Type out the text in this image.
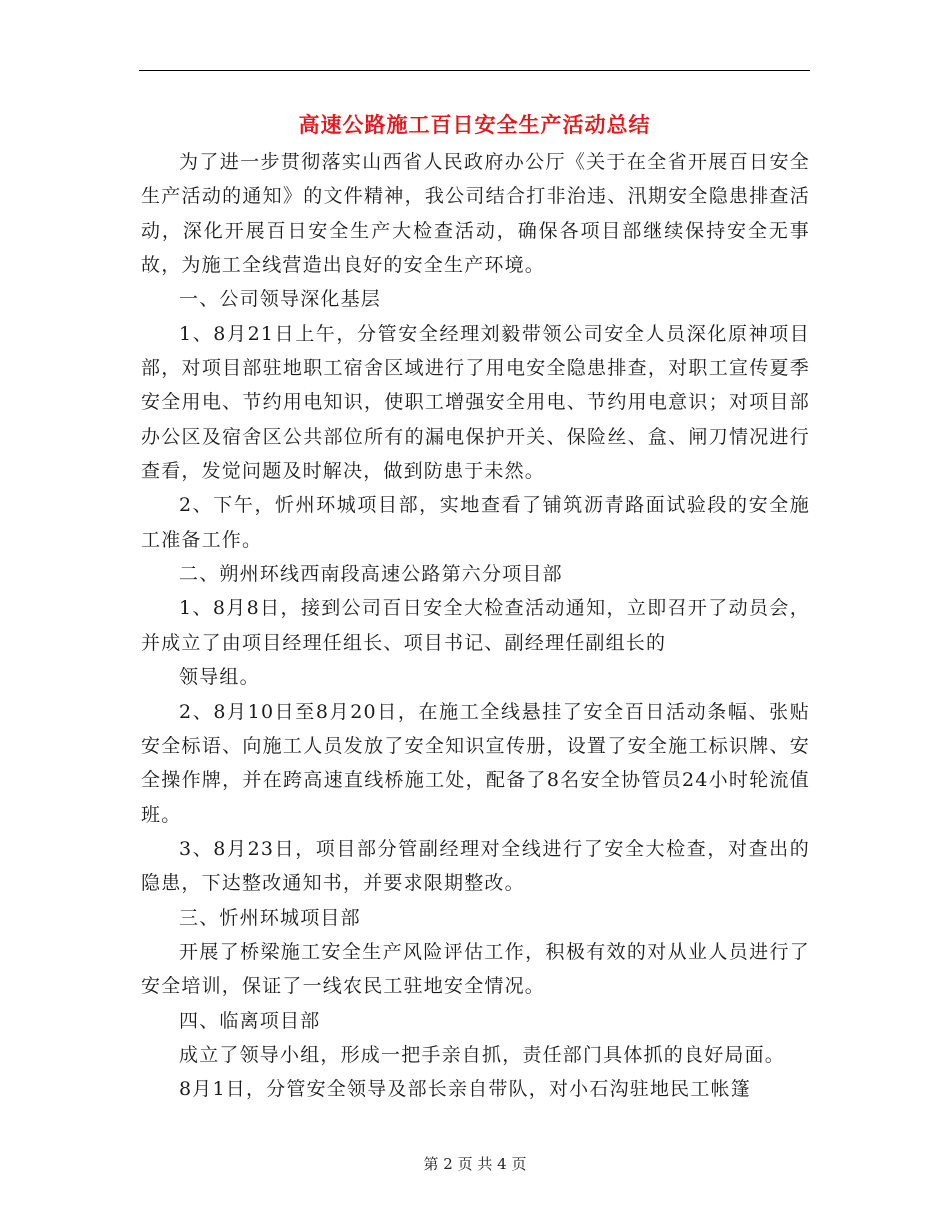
高速公路施工百日安全生产活动总结

为了进一步贯彻落实山西省人民政府办公厅《关于在全省开展百日安全生产活动的通知》的文件精神，我公司结合打非治违、汛期安全隐患排查活动，深化开展百日安全生产大检查活动，确保各项目部继续保持安全无事故，为施工全线营造出良好的安全生产环境。

一、公司领导深化基层

1、8月21日上午，分管安全经理刘毅带领公司安全人员深化原神项目部，对项目部驻地职工宿舍区域进行了用电安全隐患排查，对职工宣传夏季安全用电、节约用电知识，使职工增强安全用电、节约用电意识；对项目部办公区及宿舍区公共部位所有的漏电保护开关、保险丝、盒、闸刀情况进行查看，发觉问题及时解决，做到防患于未然。

2、下午，忻州环城项目部，实地查看了铺筑沥青路面试验段的安全施工准备工作。

二、朔州环线西南段高速公路第六分项目部

1、8月8日，接到公司百日安全大检查活动通知，立即召开了动员会，并成立了由项目经理任组长、项目书记、副经理任副组长的

领导组。

2、8月10日至8月20日，在施工全线悬挂了安全百日活动条幅、张贴安全标语、向施工人员发放了安全知识宣传册，设置了安全施工标识牌、安全操作牌，并在跨高速直线桥施工处，配备了8名安全协管员24小时轮流值班。

3、8月23日，项目部分管副经理对全线进行了安全大检查，对查出的隐患，下达整改通知书，并要求限期整改。

三、忻州环城项目部

开展了桥梁施工安全生产风险评估工作，积极有效的对从业人员进行了安全培训，保证了一线农民工驻地安全情况。

四、临离项目部

成立了领导小组，形成一把手亲自抓，责任部门具体抓的良好局面。

8月1日，分管安全领导及部长亲自带队，对小石沟驻地民工帐篷

第 2 页 共 4 页
